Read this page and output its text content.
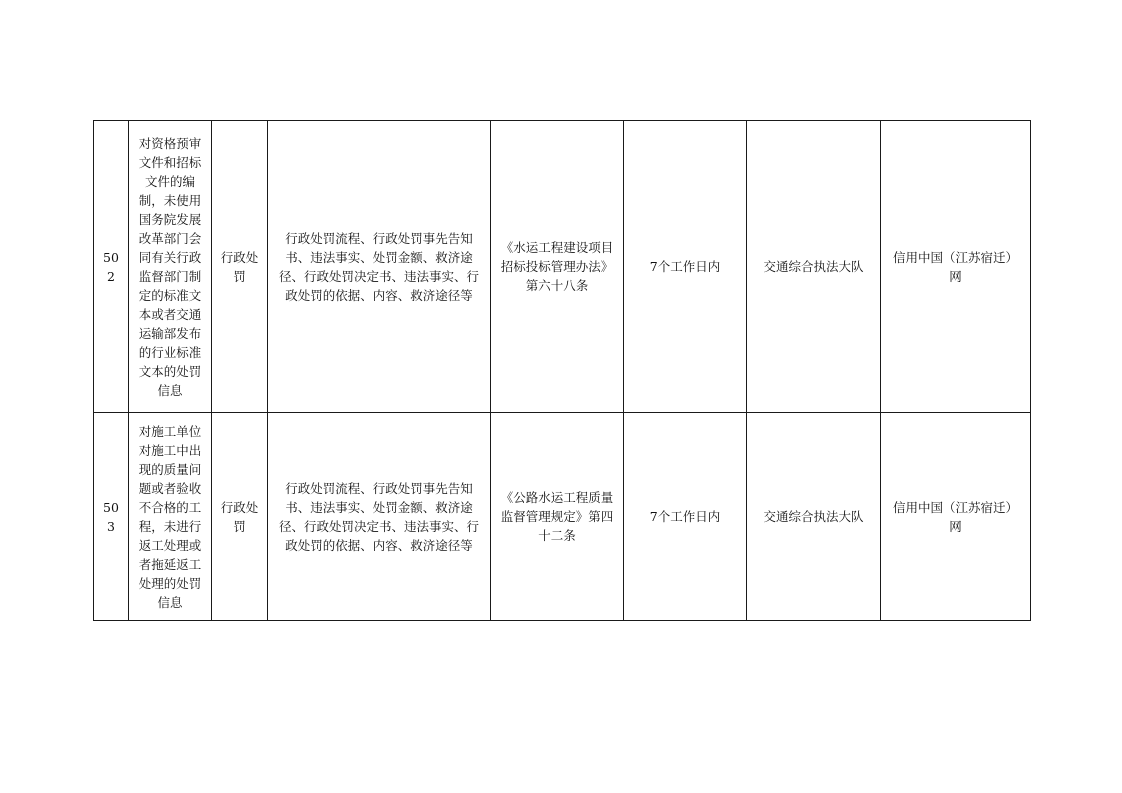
502	对资格预审文件和招标文件的编制，未使用国务院发展改革部门会同有关行政监督部门制定的标准文本或者交通运输部发布的行业标准文本的处罚信息	行政处罚	行政处罚流程、行政处罚事先告知书、违法事实、处罚金额、救济途径、行政处罚决定书、违法事实、行政处罚的依据、内容、救济途径等	《水运工程建设项目招标投标管理办法》第六十八条	7个工作日内	交通综合执法大队	信用中国（江苏宿迁）网
503	对施工单位对施工中出现的质量问题或者验收不合格的工程，未进行返工处理或者拖延返工处理的处罚信息	行政处罚	行政处罚流程、行政处罚事先告知书、违法事实、处罚金额、救济途径、行政处罚决定书、违法事实、行政处罚的依据、内容、救济途径等	《公路水运工程质量监督管理规定》第四十二条	7个工作日内	交通综合执法大队	信用中国（江苏宿迁）网
